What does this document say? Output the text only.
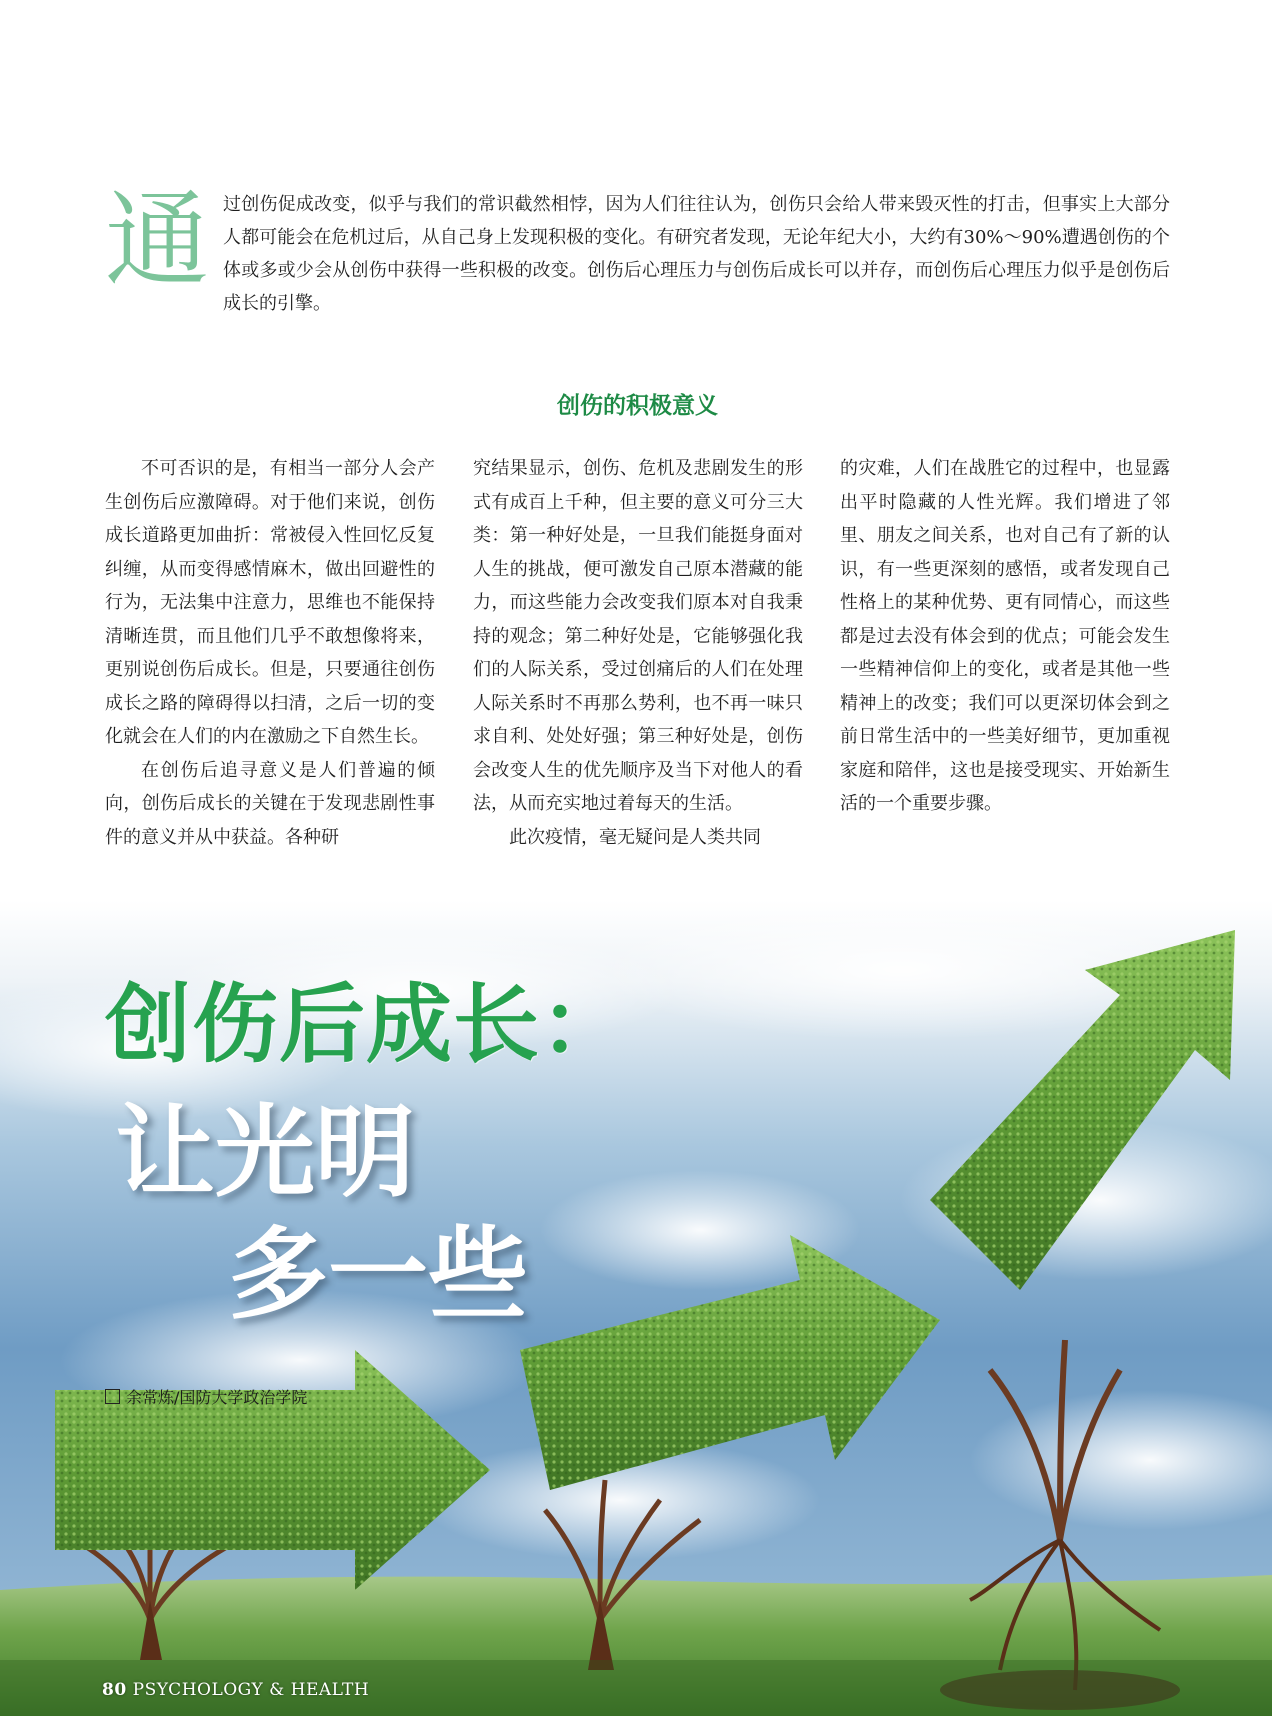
通过创伤促成改变，似乎与我们的常识截然相悖，因为人们往往认为，创伤只会给人带来毁灭性的打击，但事实上大部分人都可能会在危机过后，从自己身上发现积极的变化。有研究者发现，无论年纪大小，大约有30%～90%遭遇创伤的个体或多或少会从创伤中获得一些积极的改变。创伤后心理压力与创伤后成长可以并存，而创伤后心理压力似乎是创伤后成长的引擎。
创伤的积极意义

不可否识的是，有相当一部分人会产生创伤后应激障碍。对于他们来说，创伤成长道路更加曲折：常被侵入性回忆反复纠缠，从而变得感情麻木，做出回避性的行为，无法集中注意力，思维也不能保持清晰连贯，而且他们几乎不敢想像将来，更别说创伤后成长。但是，只要通往创伤成长之路的障碍得以扫清，之后一切的变化就会在人们的内在激励之下自然生长。

在创伤后追寻意义是人们普遍的倾向，创伤后成长的关键在于发现悲剧性事件的意义并从中获益。各种研

究结果显示，创伤、危机及悲剧发生的形式有成百上千种，但主要的意义可分三大类：第一种好处是，一旦我们能挺身面对人生的挑战，便可激发自己原本潜藏的能力，而这些能力会改变我们原本对自我秉持的观念；第二种好处是，它能够强化我们的人际关系，受过创痛后的人们在处理人际关系时不再那么势利，也不再一味只求自利、处处好强；第三种好处是，创伤会改变人生的优先顺序及当下对他人的看法，从而充实地过着每天的生活。

此次疫情，毫无疑问是人类共同

的灾难，人们在战胜它的过程中，也显露出平时隐藏的人性光辉。我们增进了邻里、朋友之间关系，也对自己有了新的认识，有一些更深刻的感悟，或者发现自己性格上的某种优势、更有同情心，而这些都是过去没有体会到的优点；可能会发生一些精神信仰上的变化，或者是其他一些精神上的改变；我们可以更深切体会到之前日常生活中的一些美好细节，更加重视家庭和陪伴，这也是接受现实、开始新生活的一个重要步骤。

创伤后成长：
让光明
多一些
余常炼/国防大学政治学院
80 PSYCHOLOGY & HEALTH
